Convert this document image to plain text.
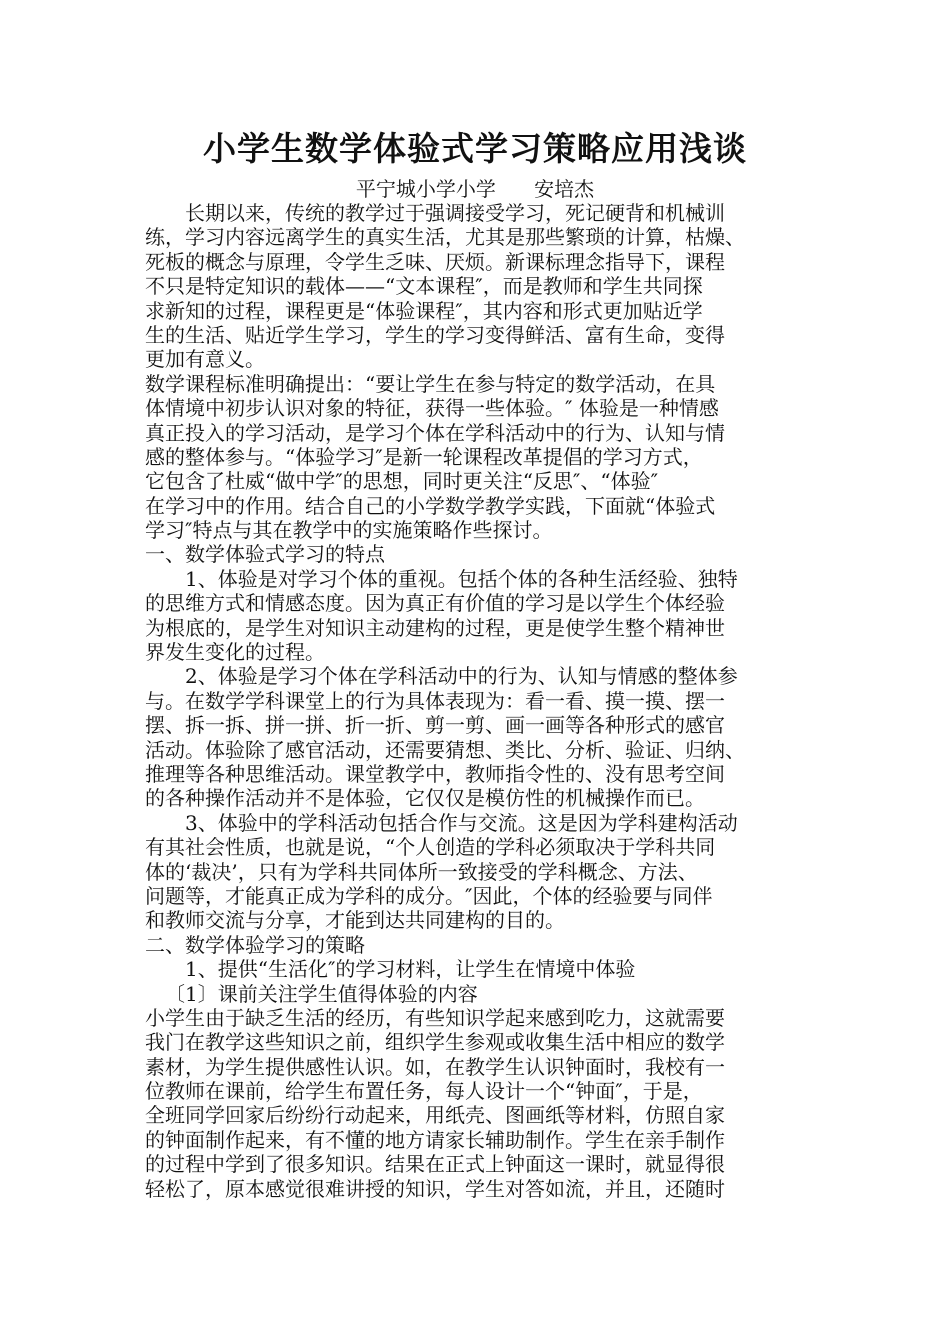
小学生数学体验式学习策略应用浅谈
平宁城小学小学      安培杰
长期以来，传统的教学过于强调接受学习，死记硬背和机械训
练，学习内容远离学生的真实生活，尤其是那些繁琐的计算，枯燥、
死板的概念与原理，令学生乏味、厌烦。新课标理念指导下，课程
不只是特定知识的载体——“文本课程″，而是教师和学生共同探
求新知的过程，课程更是“体验课程″，其内容和形式更加贴近学
生的生活、贴近学生学习，学生的学习变得鲜活、富有生命，变得
更加有意义。
数学课程标准明确提出：“要让学生在参与特定的数学活动，在具
体情境中初步认识对象的特征，获得一些体验。″ 体验是一种情感
真正投入的学习活动，是学习个体在学科活动中的行为、认知与情
感的整体参与。“体验学习″是新一轮课程改革提倡的学习方式，
它包含了杜威“做中学″的思想，同时更关注“反思″、“体验″
在学习中的作用。结合自己的小学数学教学实践，下面就“体验式
学习″特点与其在教学中的实施策略作些探讨。
一、数学体验式学习的特点
1、体验是对学习个体的重视。包括个体的各种生活经验、独特
的思维方式和情感态度。因为真正有价值的学习是以学生个体经验
为根底的，是学生对知识主动建构的过程，更是使学生整个精神世
界发生变化的过程。
2、体验是学习个体在学科活动中的行为、认知与情感的整体参
与。在数学学科课堂上的行为具体表现为：看一看、摸一摸、摆一
摆、拆一拆、拼一拼、折一折、剪一剪、画一画等各种形式的感官
活动。体验除了感官活动，还需要猜想、类比、分析、验证、归纳、
推理等各种思维活动。课堂教学中，教师指令性的、没有思考空间
的各种操作活动并不是体验，它仅仅是模仿性的机械操作而已。
3、体验中的学科活动包括合作与交流。这是因为学科建构活动
有其社会性质，也就是说，“个人创造的学科必须取决于学科共同
体的‘裁决’，只有为学科共同体所一致接受的学科概念、方法、
问题等，才能真正成为学科的成分。″因此，个体的经验要与同伴
和教师交流与分享，才能到达共同建构的目的。
二、数学体验学习的策略
1、提供“生活化″的学习材料，让学生在情境中体验
〔1〕课前关注学生值得体验的内容
小学生由于缺乏生活的经历，有些知识学起来感到吃力，这就需要
我门在教学这些知识之前，组织学生参观或收集生活中相应的数学
素材，为学生提供感性认识。如，在教学生认识钟面时，我校有一
位教师在课前，给学生布置任务，每人设计一个“钟面″，于是，
全班同学回家后纷纷行动起来，用纸壳、图画纸等材料，仿照自家
的钟面制作起来，有不懂的地方请家长辅助制作。学生在亲手制作
的过程中学到了很多知识。结果在正式上钟面这一课时，就显得很
轻松了，原本感觉很难讲授的知识，学生对答如流，并且，还随时
